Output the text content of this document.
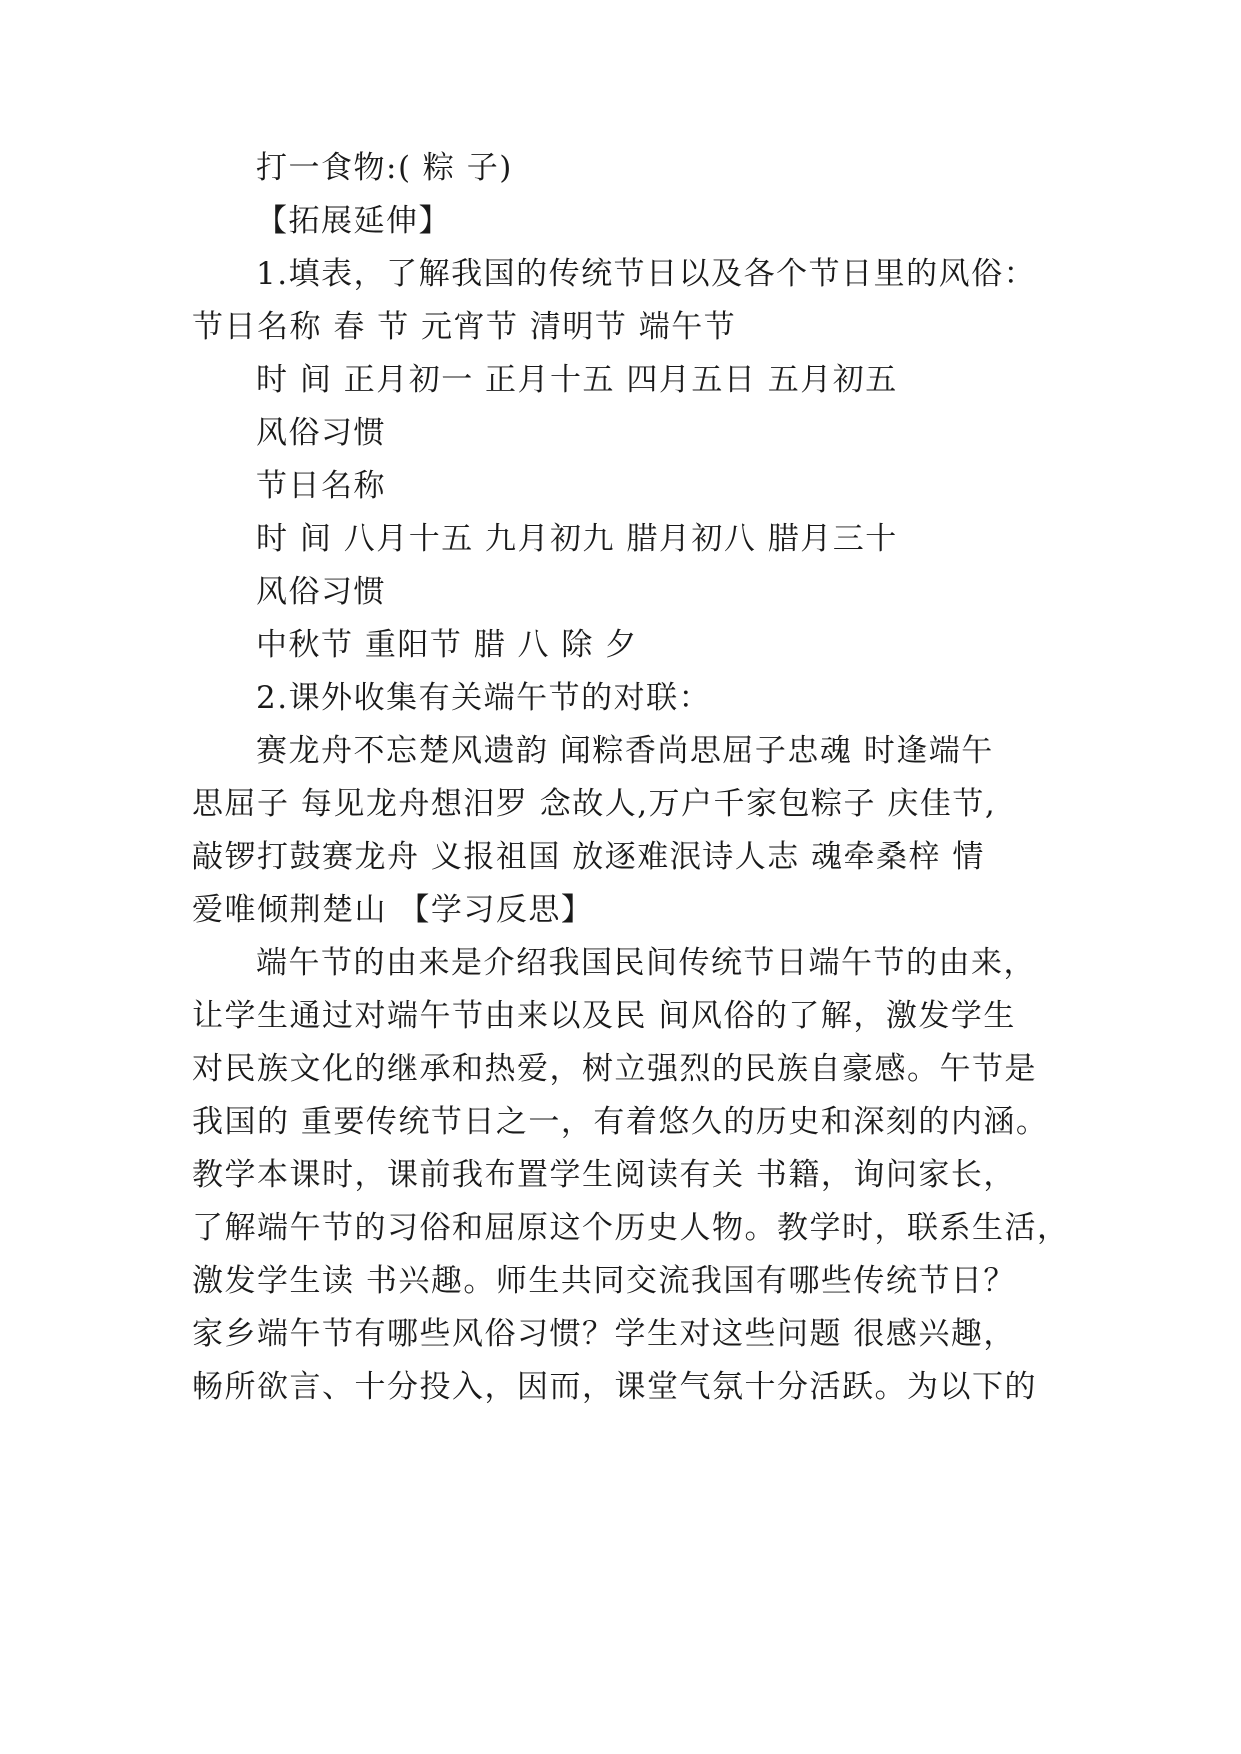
打一食物:( 粽 子)
【拓展延伸】
1.填表，了解我国的传统节日以及各个节日里的风俗：
节日名称 春 节 元宵节 清明节 端午节
时 间 正月初一 正月十五 四月五日 五月初五
风俗习惯
节日名称
时 间 八月十五 九月初九 腊月初八 腊月三十
风俗习惯
中秋节 重阳节 腊 八 除 夕
2.课外收集有关端午节的对联：
赛龙舟不忘楚风遗韵 闻粽香尚思屈子忠魂 时逢端午
思屈子 每见龙舟想汨罗 念故人,万户千家包粽子 庆佳节,
敲锣打鼓赛龙舟 义报祖国 放逐难泯诗人志 魂牵桑梓 情
爱唯倾荆楚山 【学习反思】
端午节的由来是介绍我国民间传统节日端午节的由来，
让学生通过对端午节由来以及民 间风俗的了解，激发学生
对民族文化的继承和热爱，树立强烈的民族自豪感。午节是
我国的 重要传统节日之一，有着悠久的历史和深刻的内涵。
教学本课时，课前我布置学生阅读有关 书籍，询问家长，
了解端午节的习俗和屈原这个历史人物。教学时，联系生活，
激发学生读 书兴趣。师生共同交流我国有哪些传统节日？
家乡端午节有哪些风俗习惯？学生对这些问题 很感兴趣，
畅所欲言、十分投入，因而，课堂气氛十分活跃。为以下的
